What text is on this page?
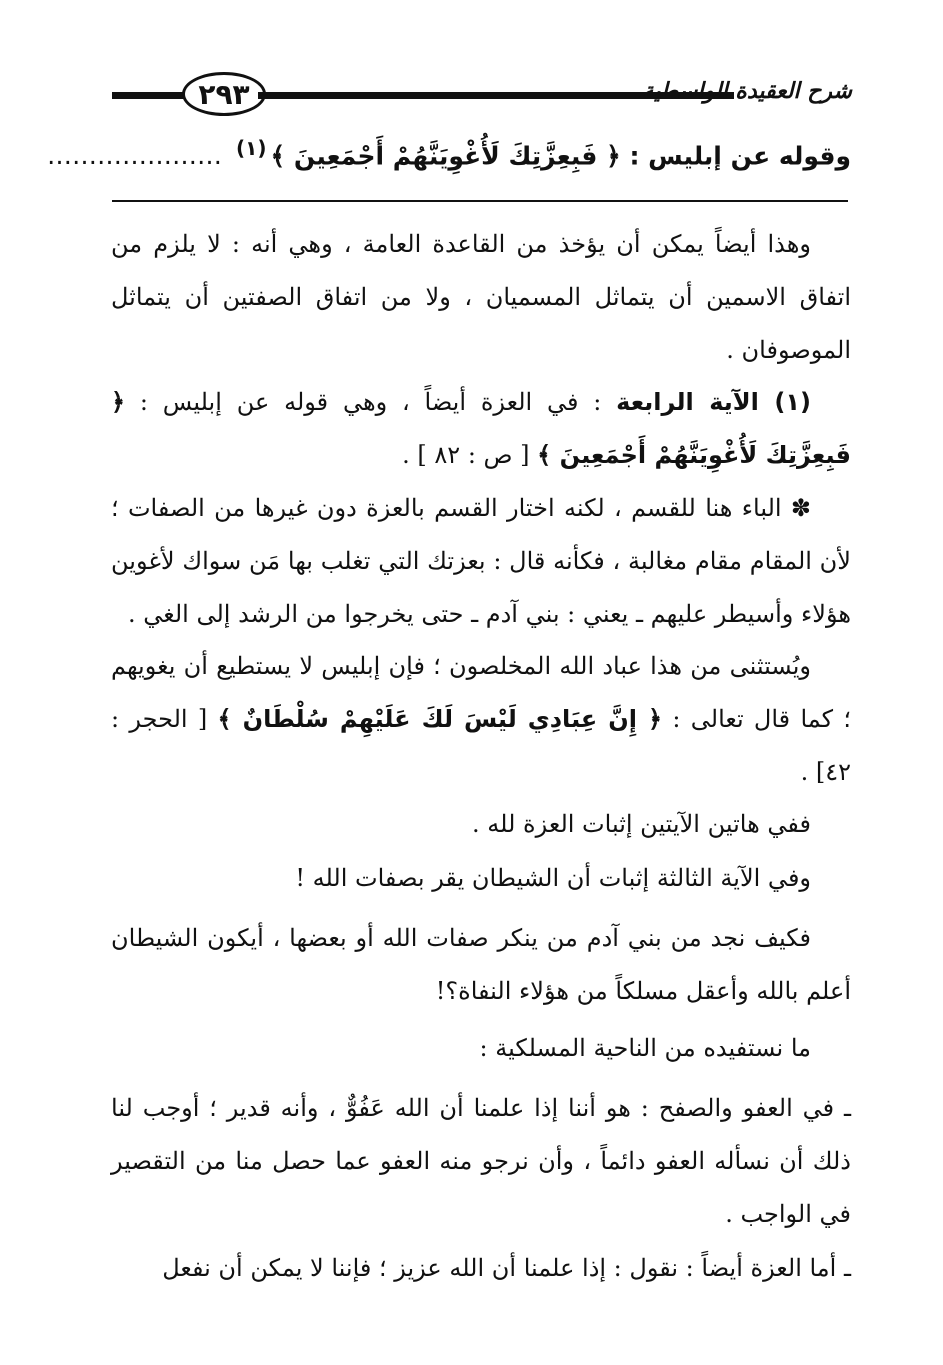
٢٩٣	شرح العقيدة الواسطية
وقوله عن إبليس : ﴿ فَبِعِزَّتِكَ لَأُغْوِيَنَّهُمْ أَجْمَعِينَ ﴾$^{(١)}$…………………
وهذا أيضاً يمكن أن يؤخذ من القاعدة العامة ، وهي أنه : لا يلزم من اتفاق الاسمين أن يتماثل المسميان ، ولا من اتفاق الصفتين أن يتماثل الموصوفان .
(١) الآية الرابعة : في العزة أيضاً ، وهي قوله عن إبليس : ﴿ فَبِعِزَّتِكَ لَأُغْوِيَنَّهُمْ أَجْمَعِينَ ﴾ [ ص : ٨٢ ] .
✽ الباء هنا للقسم ، لكنه اختار القسم بالعزة دون غيرها من الصفات ؛ لأن المقام مقام مغالبة ، فكأنه قال : بعزتك التي تغلب بها مَن سواك لأغوين هؤلاء وأسيطر عليهم ـ يعني : بني آدم ـ حتى يخرجوا من الرشد إلى الغي .
ويُستثنى من هذا عباد الله المخلصون ؛ فإن إبليس لا يستطيع أن يغويهم ؛ كما قال تعالى : ﴿ إِنَّ عِبَادِي لَيْسَ لَكَ عَلَيْهِمْ سُلْطَانٌ ﴾ [ الحجر : ٤٢] .
ففي هاتين الآيتين إثبات العزة لله .
وفي الآية الثالثة إثبات أن الشيطان يقر بصفات الله !
فكيف نجد من بني آدم من ينكر صفات الله أو بعضها ، أيكون الشيطان أعلم بالله وأعقل مسلكاً من هؤلاء النفاة؟!
ما نستفيده من الناحية المسلكية :
ـ في العفو والصفح : هو أننا إذا علمنا أن الله عَفُوٌّ ، وأنه قدير ؛ أوجب لنا ذلك أن نسأله العفو دائماً ، وأن نرجو منه العفو عما حصل منا من التقصير في الواجب .
ـ أما العزة أيضاً : نقول : إذا علمنا أن الله عزيز ؛ فإننا لا يمكن أن نفعل
